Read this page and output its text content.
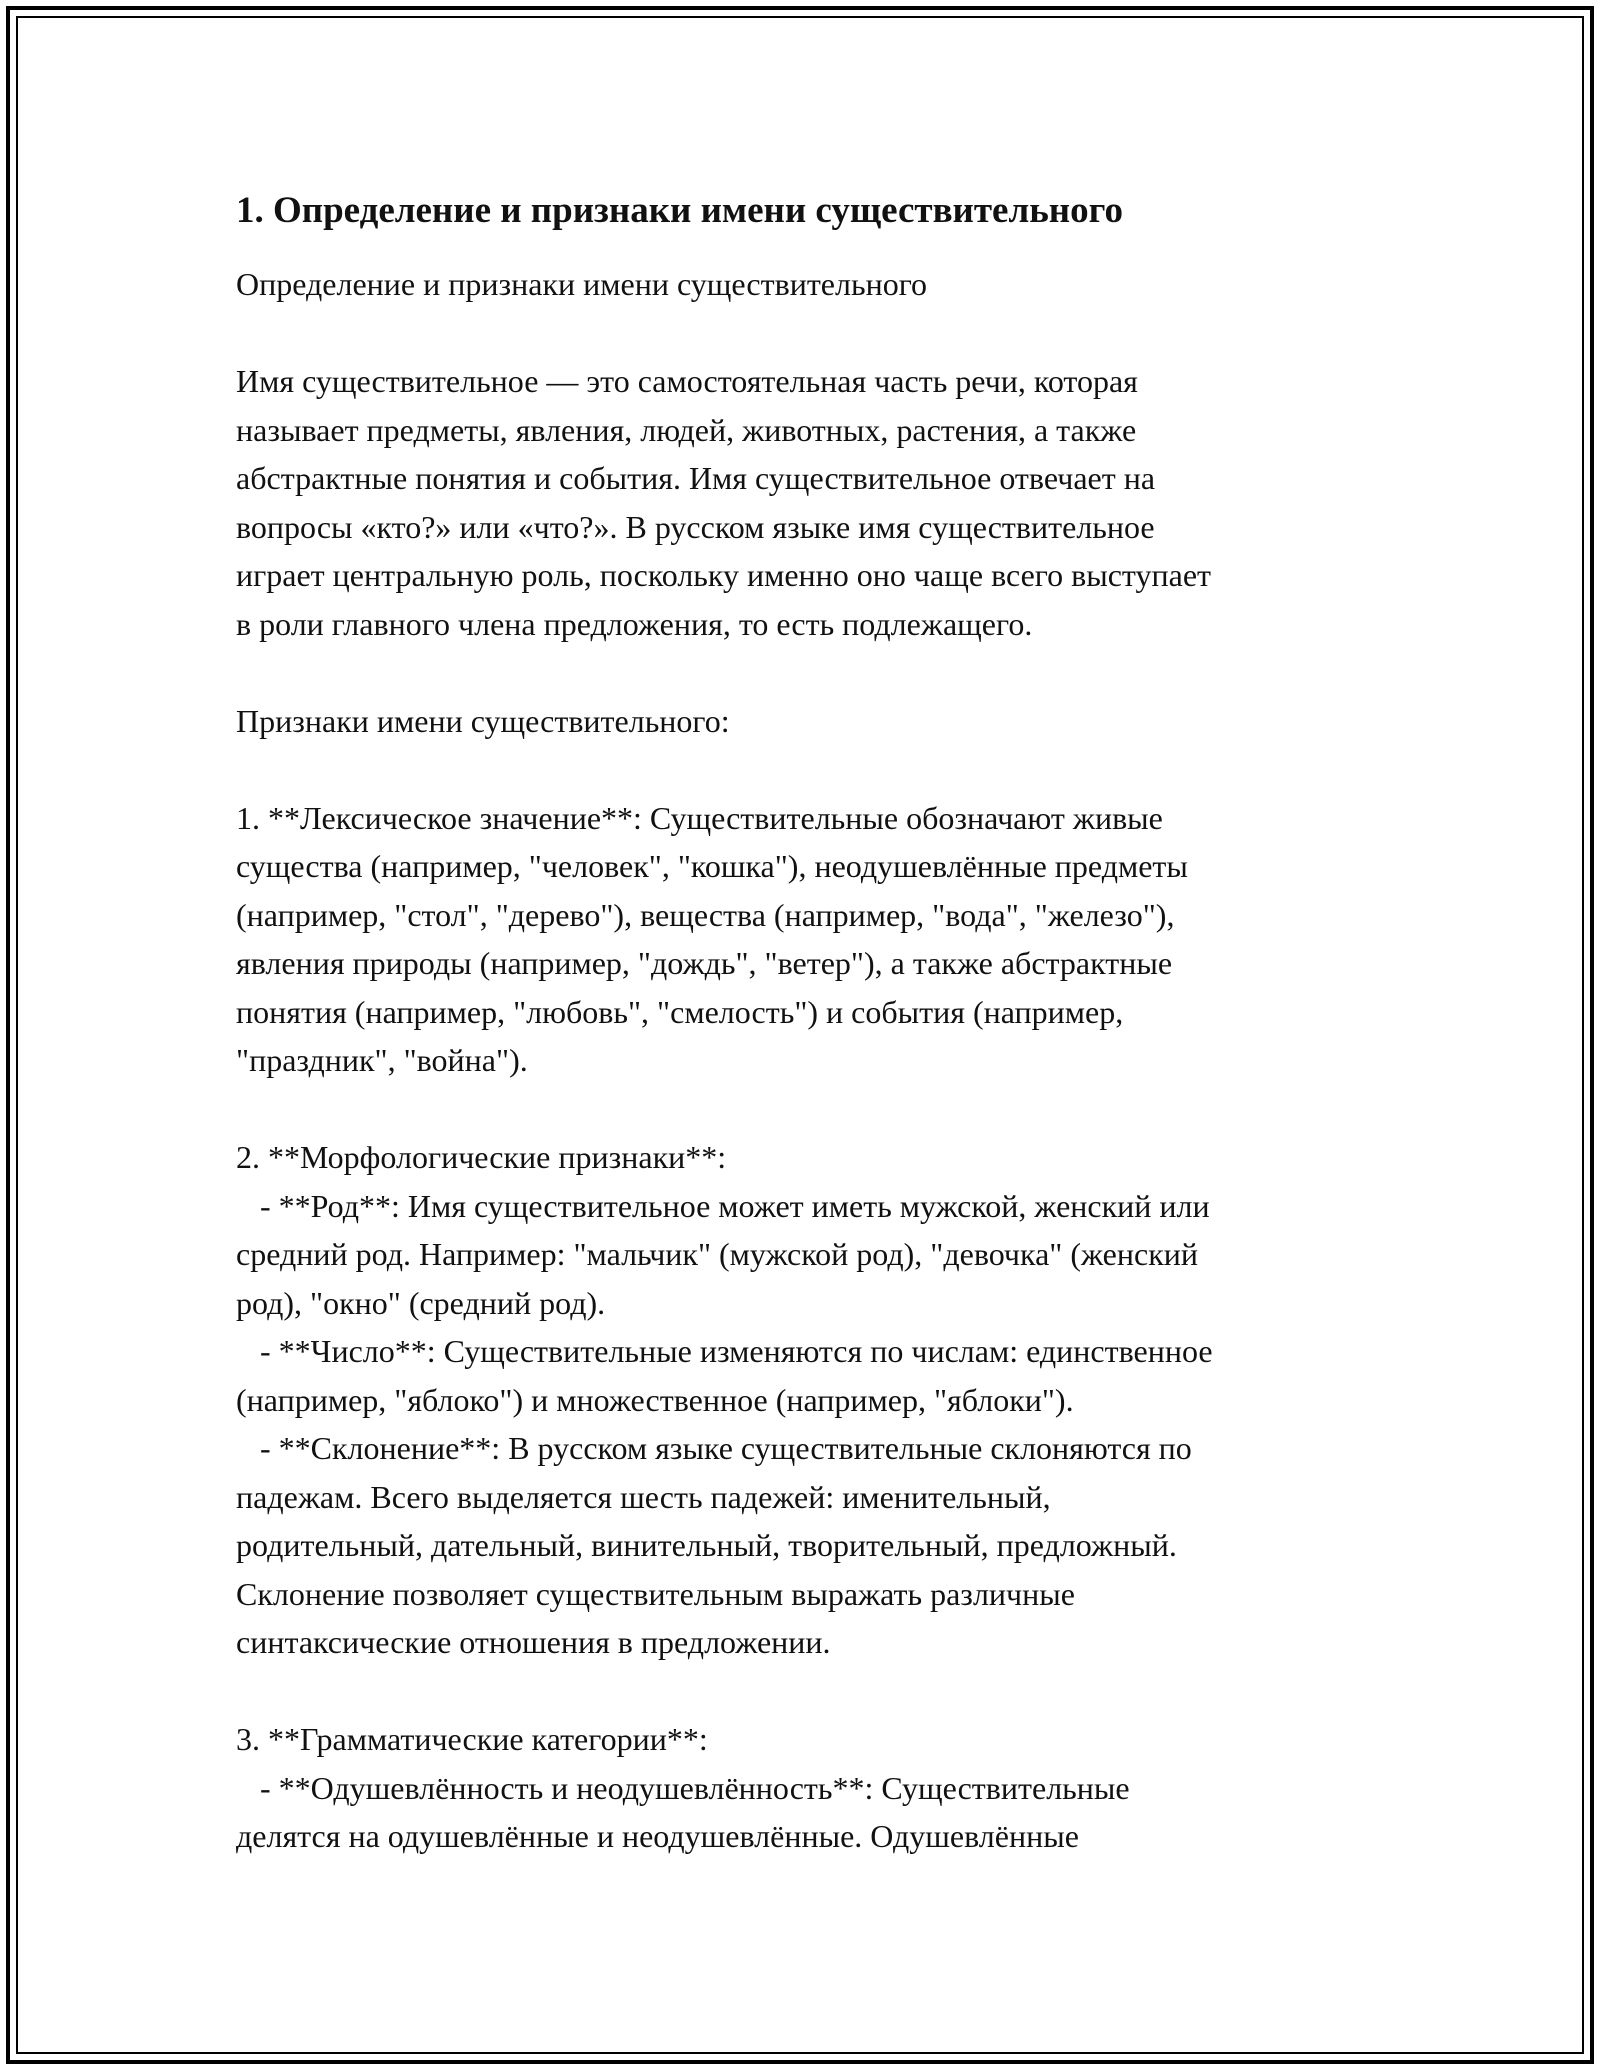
1. Определение и признаки имени существительного

Определение и признаки имени существительного

Имя существительное — это самостоятельная часть речи, которая
называет предметы, явления, людей, животных, растения, а также
абстрактные понятия и события. Имя существительное отвечает на
вопросы «кто?» или «что?». В русском языке имя существительное
играет центральную роль, поскольку именно оно чаще всего выступает
в роли главного члена предложения, то есть подлежащего.

Признаки имени существительного:

1. **Лексическое значение**: Существительные обозначают живые
существа (например, "человек", "кошка"), неодушевлённые предметы
(например, "стол", "дерево"), вещества (например, "вода", "железо"),
явления природы (например, "дождь", "ветер"), а также абстрактные
понятия (например, "любовь", "смелость") и события (например,
"праздник", "война").

2. **Морфологические признаки**:
- **Род**: Имя существительное может иметь мужской, женский или
средний род. Например: "мальчик" (мужской род), "девочка" (женский
род), "окно" (средний род).
- **Число**: Существительные изменяются по числам: единственное
(например, "яблоко") и множественное (например, "яблоки").
- **Склонение**: В русском языке существительные склоняются по
падежам. Всего выделяется шесть падежей: именительный,
родительный, дательный, винительный, творительный, предложный.
Склонение позволяет существительным выражать различные
синтаксические отношения в предложении.

3. **Грамматические категории**:
- **Одушевлённость и неодушевлённость**: Существительные
делятся на одушевлённые и неодушевлённые. Одушевлённые
